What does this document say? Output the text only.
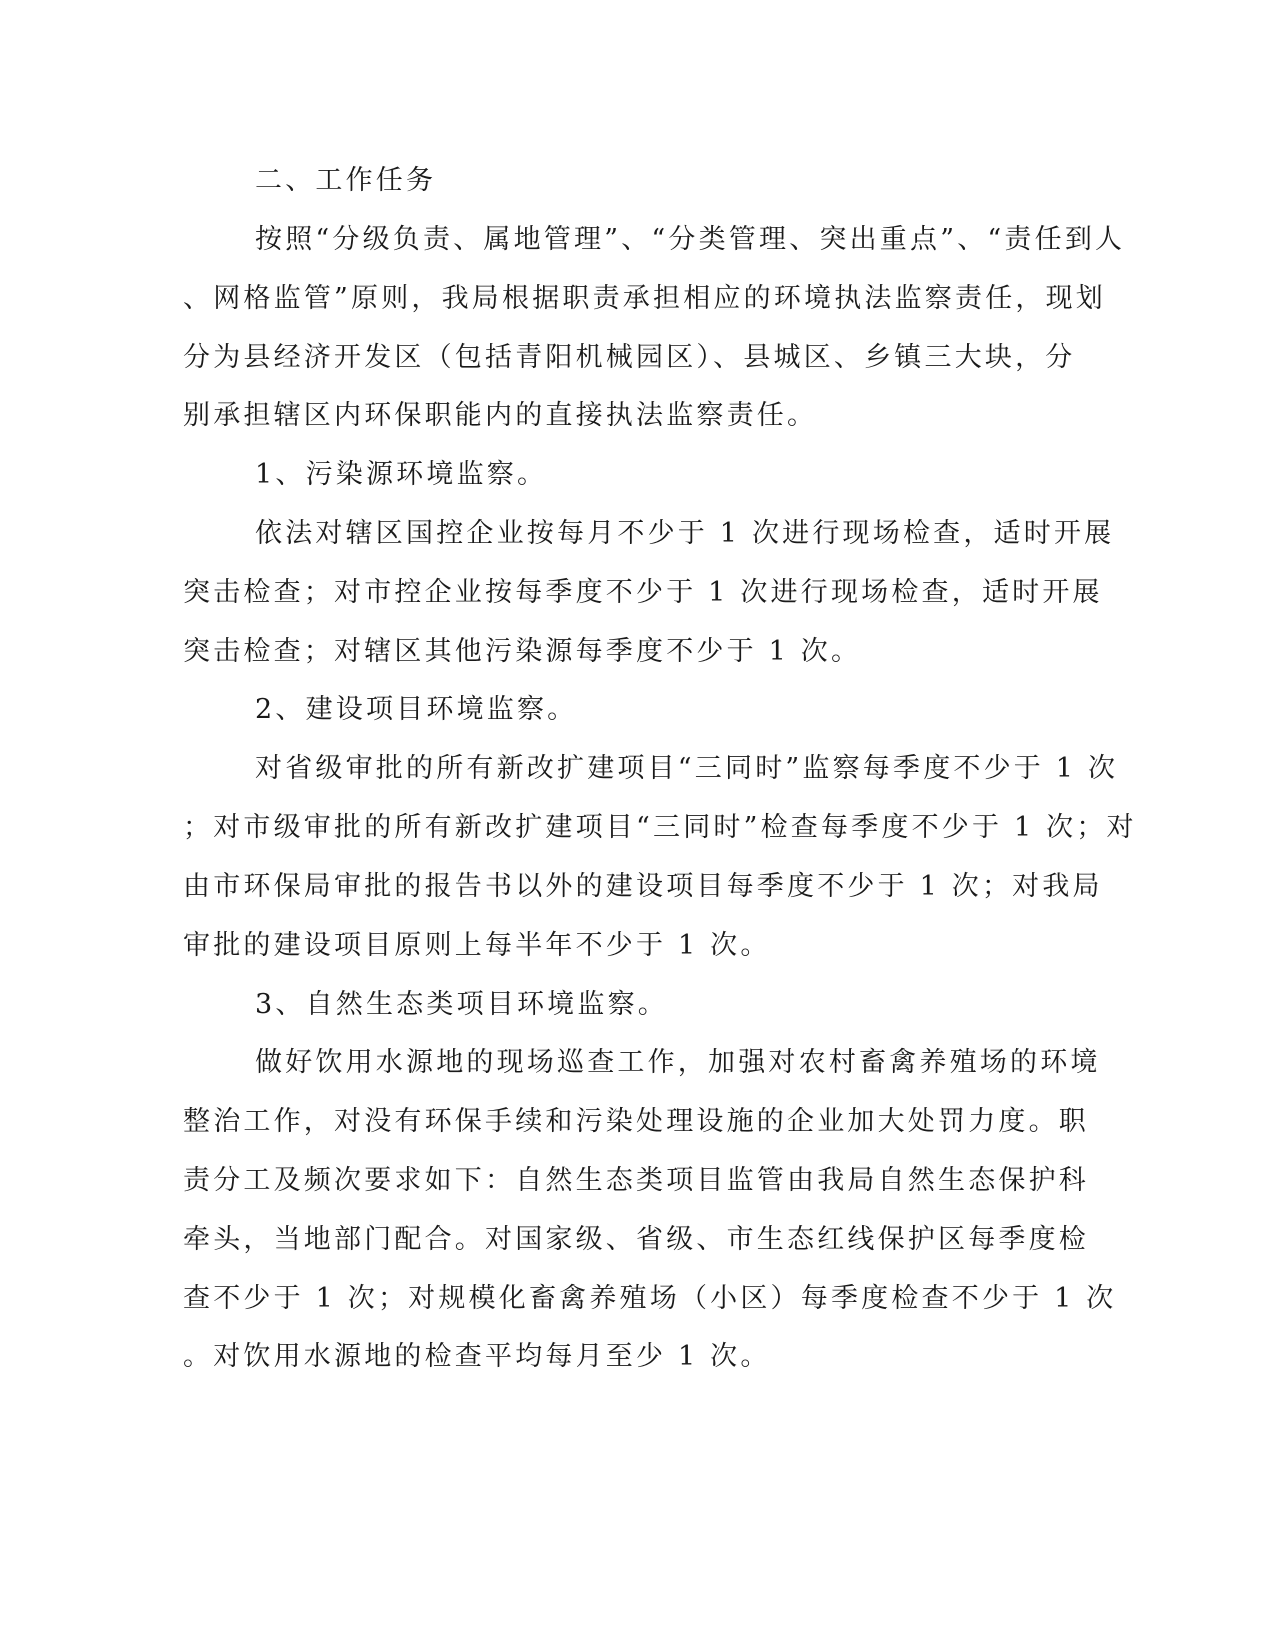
二、工作任务
按照“分级负责、属地管理”、“分类管理、突出重点”、“责任到人
、网格监管”原则，我局根据职责承担相应的环境执法监察责任，现划
分为县经济开发区（包括青阳机械园区）、县城区、乡镇三大块，分
别承担辖区内环保职能内的直接执法监察责任。
1、污染源环境监察。
依法对辖区国控企业按每月不少于 1 次进行现场检查，适时开展
突击检查；对市控企业按每季度不少于 1 次进行现场检查，适时开展
突击检查；对辖区其他污染源每季度不少于 1 次。
2、建设项目环境监察。
对省级审批的所有新改扩建项目“三同时”监察每季度不少于 1 次
；对市级审批的所有新改扩建项目“三同时”检查每季度不少于 1 次；对
由市环保局审批的报告书以外的建设项目每季度不少于 1 次；对我局
审批的建设项目原则上每半年不少于 1 次。
3、自然生态类项目环境监察。
做好饮用水源地的现场巡查工作，加强对农村畜禽养殖场的环境
整治工作，对没有环保手续和污染处理设施的企业加大处罚力度。职
责分工及频次要求如下：自然生态类项目监管由我局自然生态保护科
牵头，当地部门配合。对国家级、省级、市生态红线保护区每季度检
查不少于 1 次；对规模化畜禽养殖场（小区）每季度检查不少于 1 次
。对饮用水源地的检查平均每月至少 1 次。
